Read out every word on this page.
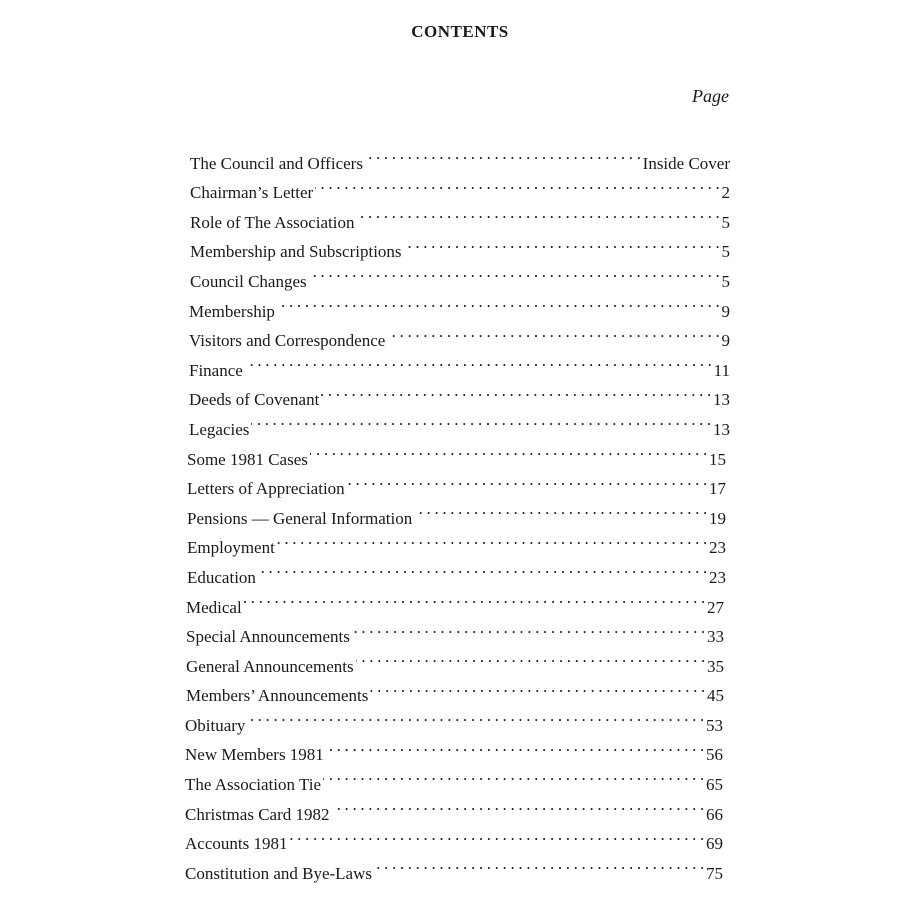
CONTENTS
Page
The Council and Officers . . .	Inside Cover
Chairman’s Letter . . .	2
Role of The Association . . .	5
Membership and Subscriptions . . .	5
Council Changes . . .	5
Membership . . .	9
Visitors and Correspondence . . .	9
Finance . . .	11
Deeds of Covenant . . .	13
Legacies . . .	13
Some 1981 Cases . . .	15
Letters of Appreciation . . .	17
Pensions — General Information . . .	19
Employment . . .	23
Education . . .	23
Medical . . .	27
Special Announcements . . .	33
General Announcements . . .	35
Members’ Announcements . . .	45
Obituary . . .	53
New Members 1981 . . .	56
The Association Tie . . .	65
Christmas Card 1982 . . .	66
Accounts 1981 . . .	69
Constitution and Bye-Laws . . .	75
